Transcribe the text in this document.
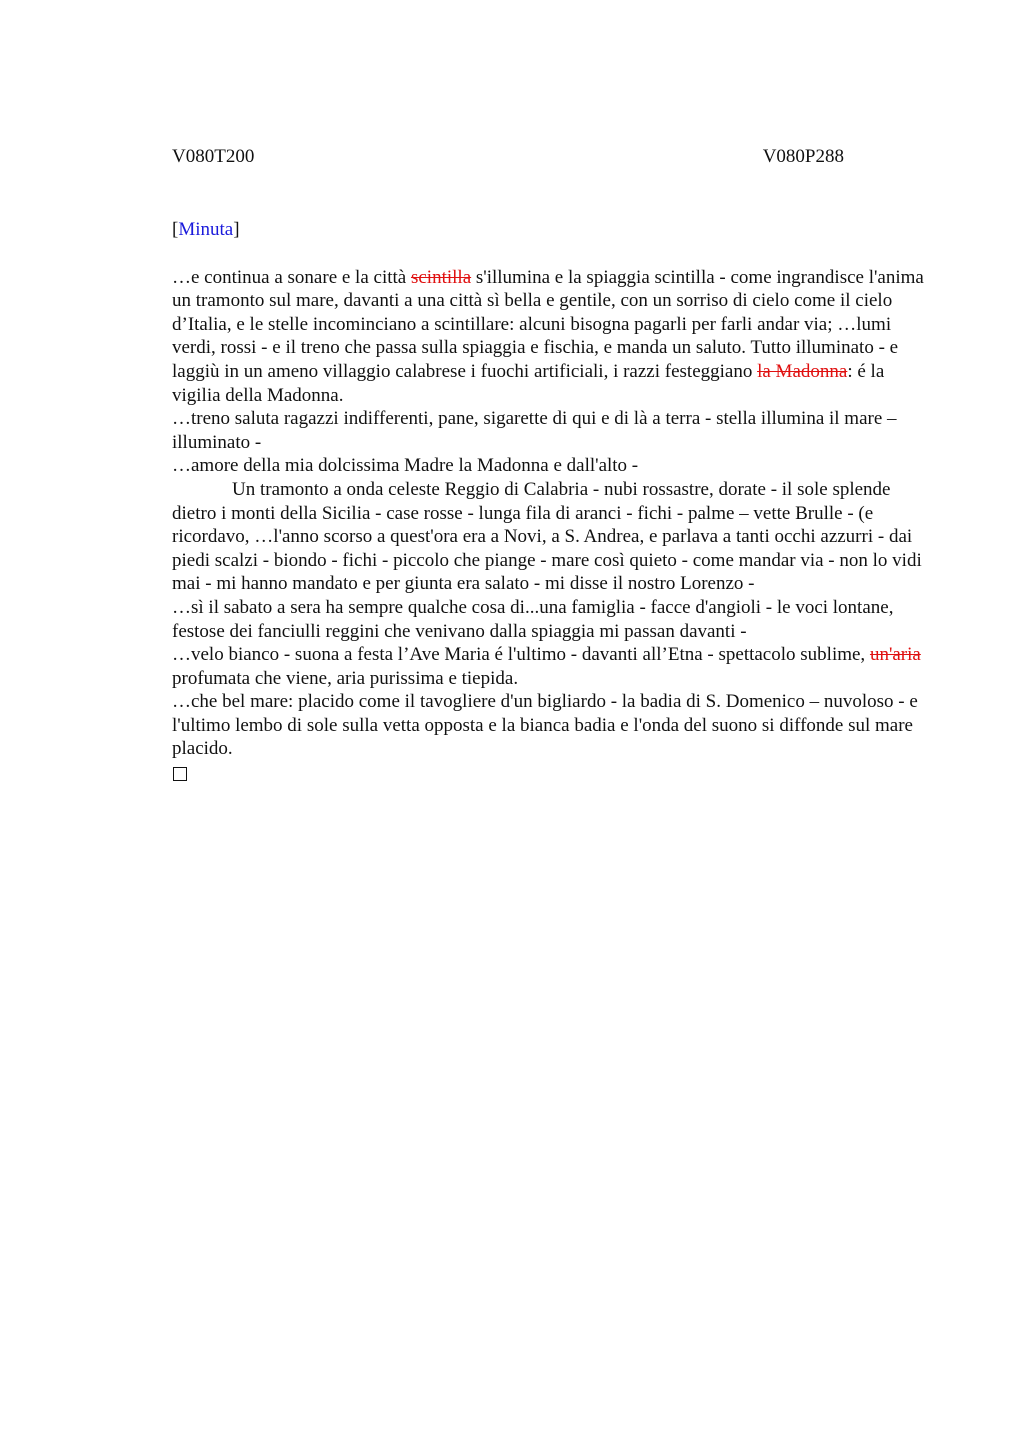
V080T200	V080P288
[Minuta]

…e continua a sonare e la città scintilla s'illumina e la spiaggia scintilla - come ingrandisce l'anima un tramonto sul mare, davanti a una città sì bella e gentile, con un sorriso di cielo come il cielo d’Italia, e le stelle incominciano a scintillare: alcuni bisogna pagarli per farli andar via; …lumi verdi, rossi - e il treno che passa sulla spiaggia e fischia, e manda un saluto. Tutto illuminato - e laggiù in un ameno villaggio calabrese i fuochi artificiali, i razzi festeggiano la Madonna: é la vigilia della Madonna.

…treno saluta ragazzi indifferenti, pane, sigarette di qui e di là a terra - stella illumina il mare – illuminato -

…amore della mia dolcissima Madre la Madonna e dall'alto -

Un tramonto a onda celeste Reggio di Calabria - nubi rossastre, dorate - il sole splende dietro i monti della Sicilia - case rosse - lunga fila di aranci - fichi - palme – vette Brulle - (e ricordavo, …l'anno scorso a quest'ora era a Novi, a S. Andrea, e parlava a tanti occhi azzurri - dai piedi scalzi - biondo - fichi - piccolo che piange - mare così quieto - come mandar via - non lo vidi mai - mi hanno mandato e per giunta era salato - mi disse il nostro Lorenzo -

…sì il sabato a sera ha sempre qualche cosa di...una famiglia - facce d'angioli - le voci lontane, festose dei fanciulli reggini che venivano dalla spiaggia mi passan davanti -

…velo bianco - suona a festa l’Ave Maria é l'ultimo - davanti all’Etna - spettacolo sublime, un'aria profumata che viene, aria purissima e tiepida.

…che bel mare: placido come il tavogliere d'un bigliardo - la badia di S. Domenico – nuvoloso - e l'ultimo lembo di sole sulla vetta opposta e la bianca badia e l'onda del suono si diffonde sul mare placido.
